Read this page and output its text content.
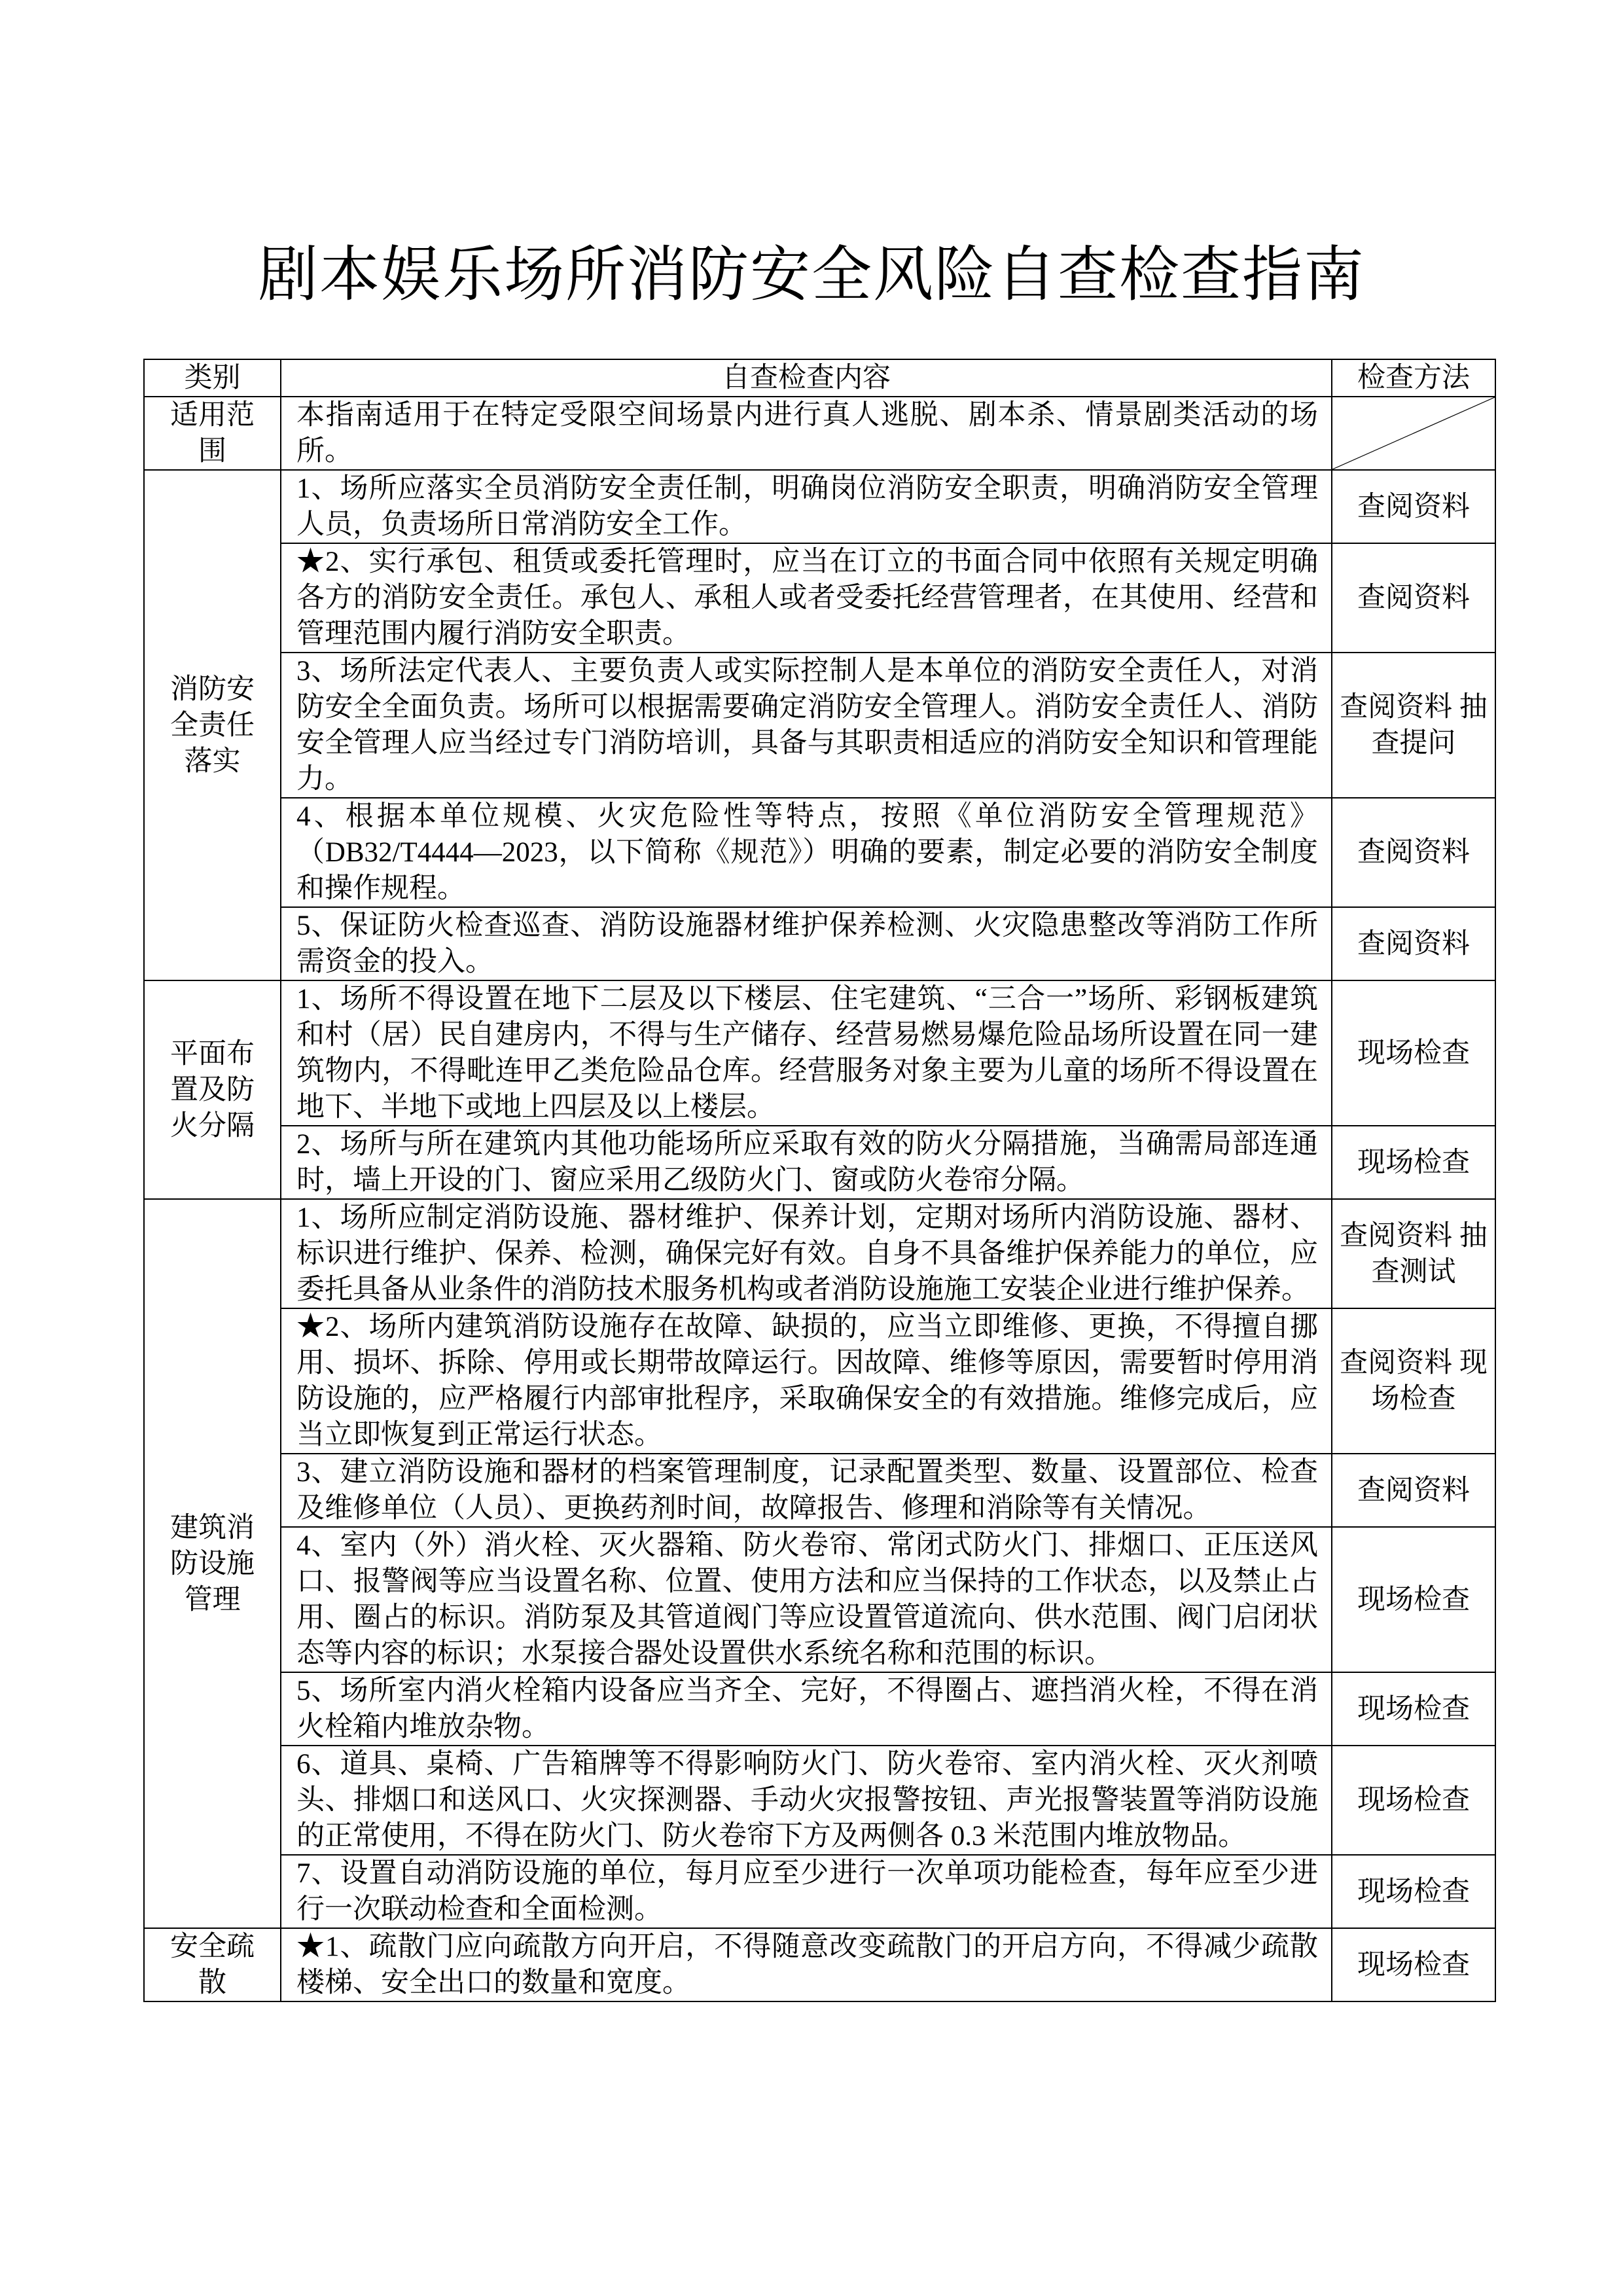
剧本娱乐场所消防安全风险自查检查指南
类别	自查检查内容	检查方法
适用范围	本指南适用于在特定受限空间场景内进行真人逃脱、剧本杀、情景剧类活动的场所。	

消防安全责任落实	1、场所应落实全员消防安全责任制，明确岗位消防安全职责，明确消防安全管理人员，负责场所日常消防安全工作。	查阅资料
	★2、实行承包、租赁或委托管理时，应当在订立的书面合同中依照有关规定明确各方的消防安全责任。承包人、承租人或者受委托经营管理者，在其使用、经营和管理范围内履行消防安全职责。	查阅资料
	3、场所法定代表人、主要负责人或实际控制人是本单位的消防安全责任人，对消防安全全面负责。场所可以根据需要确定消防安全管理人。消防安全责任人、消防安全管理人应当经过专门消防培训，具备与其职责相适应的消防安全知识和管理能力。	查阅资料 抽查提问
	4、根据本单位规模、火灾危险性等特点，按照《单位消防安全管理规范》（DB32/T4444—2023，以下简称《规范》）明确的要素，制定必要的消防安全制度和操作规程。	查阅资料
	5、保证防火检查巡查、消防设施器材维护保养检测、火灾隐患整改等消防工作所需资金的投入。	查阅资料
平面布置及防火分隔	1、场所不得设置在地下二层及以下楼层、住宅建筑、“三合一”场所、彩钢板建筑和村（居）民自建房内，不得与生产储存、经营易燃易爆危险品场所设置在同一建筑物内，不得毗连甲乙类危险品仓库。经营服务对象主要为儿童的场所不得设置在地下、半地下或地上四层及以上楼层。	现场检查
	2、场所与所在建筑内其他功能场所应采取有效的防火分隔措施，当确需局部连通时，墙上开设的门、窗应采用乙级防火门、窗或防火卷帘分隔。	现场检查
建筑消防设施管理	1、场所应制定消防设施、器材维护、保养计划，定期对场所内消防设施、器材、标识进行维护、保养、检测，确保完好有效。自身不具备维护保养能力的单位，应委托具备从业条件的消防技术服务机构或者消防设施施工安装企业进行维护保养。	查阅资料 抽查测试
	★2、场所内建筑消防设施存在故障、缺损的，应当立即维修、更换，不得擅自挪用、损坏、拆除、停用或长期带故障运行。因故障、维修等原因，需要暂时停用消防设施的，应严格履行内部审批程序，采取确保安全的有效措施。维修完成后，应当立即恢复到正常运行状态。	查阅资料 现场检查
	3、建立消防设施和器材的档案管理制度，记录配置类型、数量、设置部位、检查及维修单位（人员）、更换药剂时间，故障报告、修理和消除等有关情况。	查阅资料
	4、室内（外）消火栓、灭火器箱、防火卷帘、常闭式防火门、排烟口、正压送风口、报警阀等应当设置名称、位置、使用方法和应当保持的工作状态，以及禁止占用、圈占的标识。消防泵及其管道阀门等应设置管道流向、供水范围、阀门启闭状态等内容的标识；水泵接合器处设置供水系统名称和范围的标识。	现场检查
	5、场所室内消火栓箱内设备应当齐全、完好，不得圈占、遮挡消火栓，不得在消火栓箱内堆放杂物。	现场检查
	6、道具、桌椅、广告箱牌等不得影响防火门、防火卷帘、室内消火栓、灭火剂喷头、排烟口和送风口、火灾探测器、手动火灾报警按钮、声光报警装置等消防设施的正常使用，不得在防火门、防火卷帘下方及两侧各 0.3 米范围内堆放物品。	现场检查
	7、设置自动消防设施的单位，每月应至少进行一次单项功能检查，每年应至少进行一次联动检查和全面检测。	现场检查
安全疏散	★1、疏散门应向疏散方向开启，不得随意改变疏散门的开启方向，不得减少疏散楼梯、安全出口的数量和宽度。	现场检查
